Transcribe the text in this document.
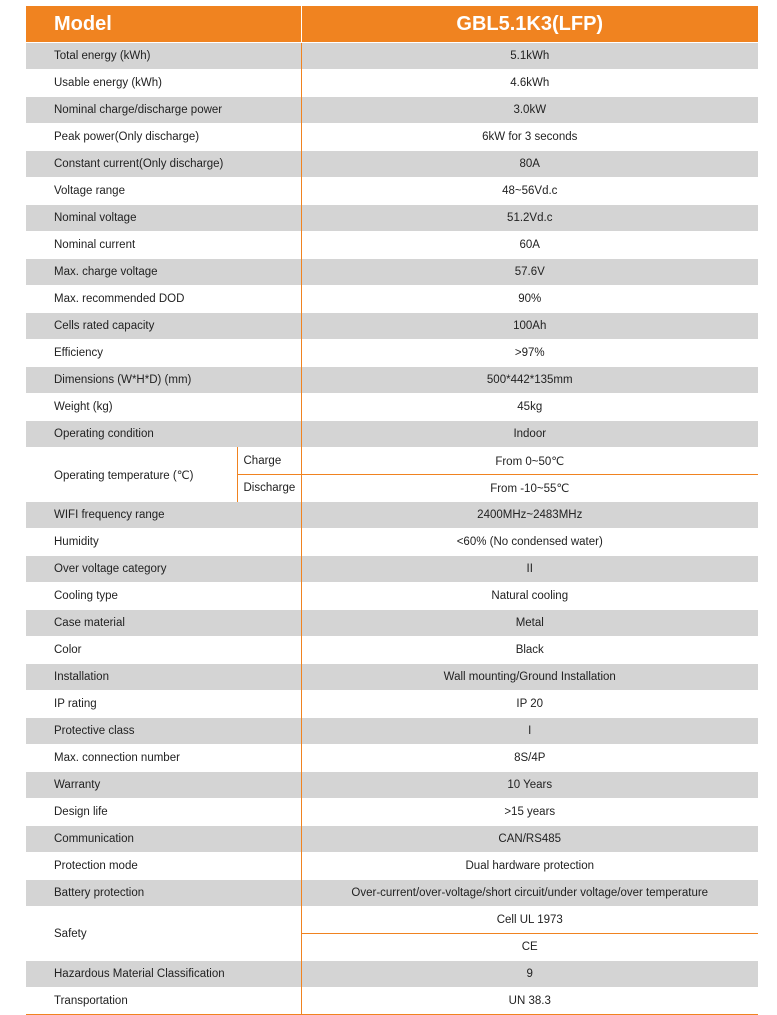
Model		GBL5.1K3(LFP)
Total energy (kWh)		5.1kWh
Usable energy (kWh)		4.6kWh
Nominal charge/discharge power		3.0kW
Peak power(Only discharge)		6kW for 3 seconds
Constant current(Only discharge)		80A
Voltage range		48~56Vd.c
Nominal voltage		51.2Vd.c
Nominal current		60A
Max. charge voltage		57.6V
Max. recommended DOD		90%
Cells rated capacity		100Ah
Efficiency		>97%
Dimensions (W*H*D) (mm)		500*442*135mm
Weight (kg)		45kg
Operating condition		Indoor
Operating temperature (℃)	Charge	From 0~50℃
	Discharge	From -10~55℃
WIFI frequency range		2400MHz~2483MHz
Humidity		<60% (No condensed water)
Over voltage category		II
Cooling type		Natural cooling
Case material		Metal
Color		Black
Installation		Wall mounting/Ground Installation
IP rating		IP 20
Protective class		I
Max. connection number		8S/4P
Warranty		10 Years
Design life		>15 years
Communication		CAN/RS485
Protection mode		Dual hardware protection
Battery protection		Over-current/over-voltage/short circuit/under voltage/over temperature
Safety		Cell UL 1973
		CE
Hazardous Material Classification		9
Transportation		UN 38.3
